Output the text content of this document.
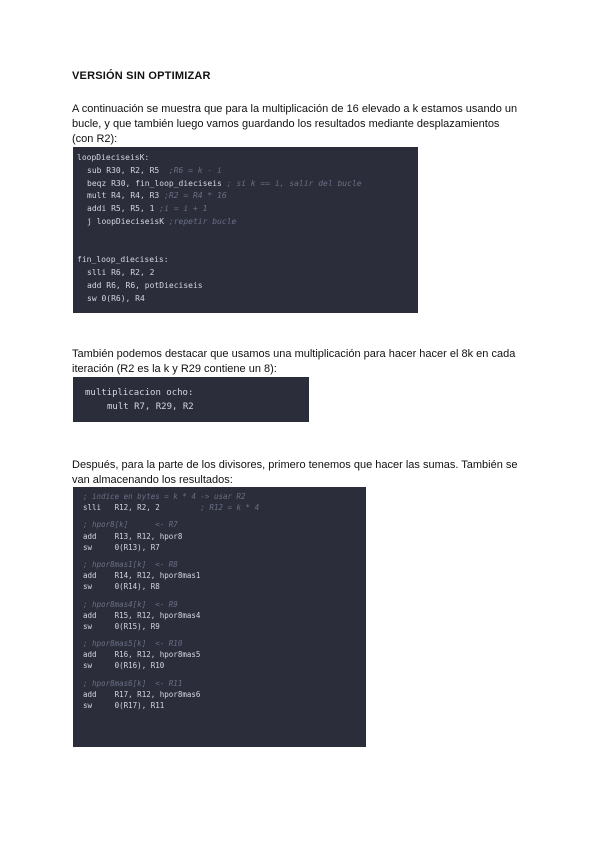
VERSIÓN SIN OPTIMIZAR
A continuación se muestra que para la multiplicación de 16 elevado a k estamos usando un
bucle, y que también luego vamos guardando los resultados mediante desplazamientos
(con R2):
loopDieciseisK:
sub R30, R2, R5 ;R6 = k - i
beqz R30, fin_loop_dieciseis ; si k == i, salir del bucle
mult R4, R4, R3 ;R2 = R4 * 16
addi R5, R5, 1 ;i = i + 1
j loopDieciseisK ;repetir bucle
fin_loop_dieciseis:
slli R6, R2, 2
add R6, R6, potDieciseis
sw 0(R6), R4
También podemos destacar que usamos una multiplicación para hacer hacer el 8k en cada
iteración (R2 es la k y R29 contiene un 8):
multiplicacion ocho:
mult R7, R29, R2
Después, para la parte de los divisores, primero tenemos que hacer las sumas. También se
van almacenando los resultados:
; indice en bytes = k * 4 -> usar R2
slli   R12, R2, 2	; R12 = k * 4
; hpor8[k]      <- R7
add    R13, R12, hpor8
sw     0(R13), R7
; hpor8mas1[k]  <- R8
add    R14, R12, hpor8mas1
sw     0(R14), R8
; hpor8mas4[k]  <- R9
add    R15, R12, hpor8mas4
sw     0(R15), R9
; hpor8mas5[k]  <- R10
add    R16, R12, hpor8mas5
sw     0(R16), R10
; hpor8mas6[k]  <- R11
add    R17, R12, hpor8mas6
sw     0(R17), R11
